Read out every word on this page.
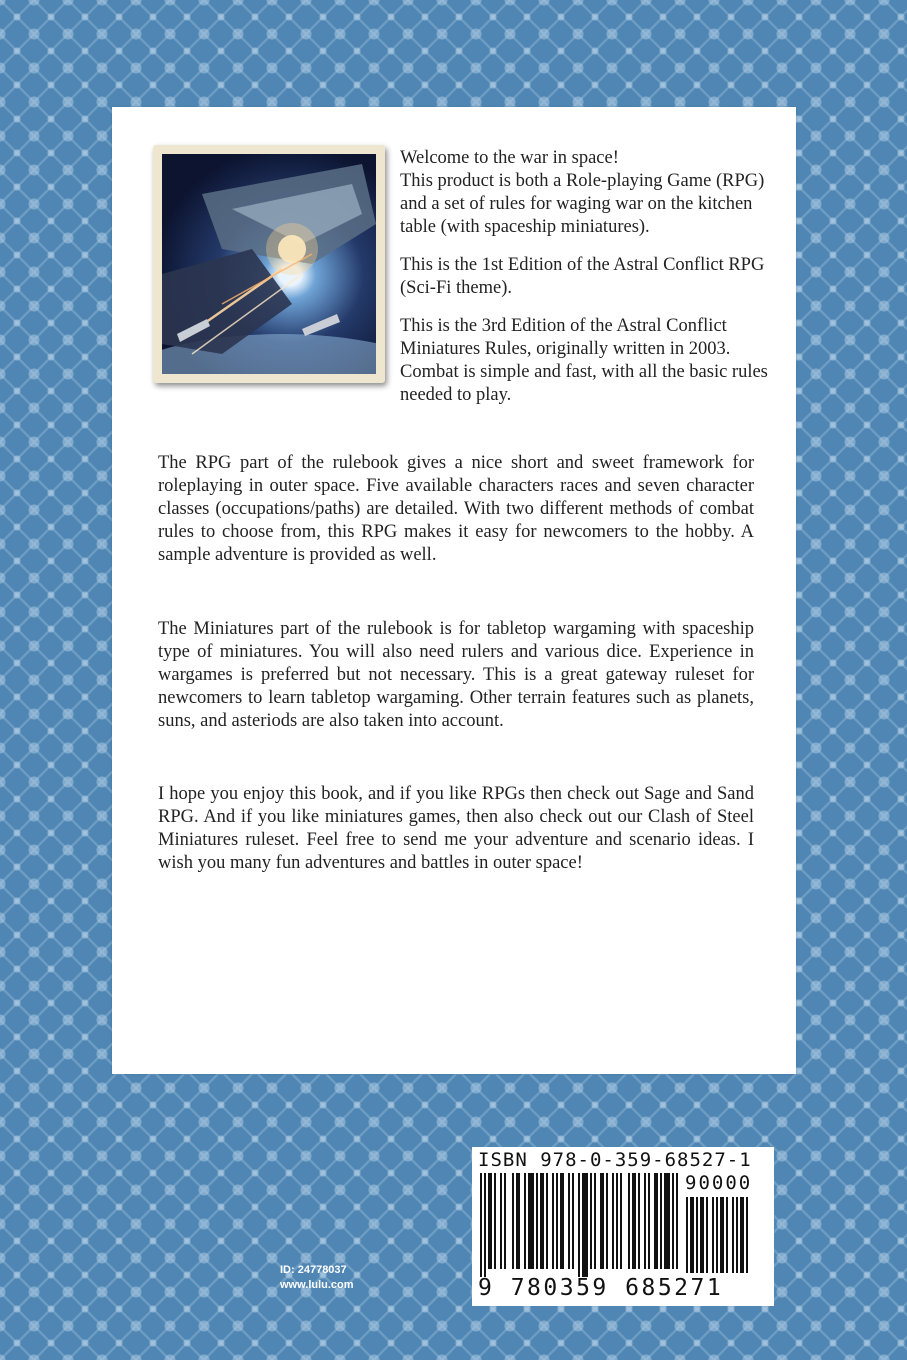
Welcome to the war in space!
This product is both a Role-playing Game (RPG) and a set of rules for waging war on the kitchen table (with spaceship miniatures).

This is the 1st Edition of the Astral Conflict RPG (Sci-Fi theme).

This is the 3rd Edition of the Astral Conflict Miniatures Rules, originally written in 2003. Combat is simple and fast, with all the basic rules needed to play.

The RPG part of the rulebook gives a nice short and sweet framework for roleplaying in outer space. Five available characters races and seven character classes (occupations/paths) are detailed. With two different methods of combat rules to choose from, this RPG makes it easy for newcomers to the hobby. A sample adventure is provided as well.

The Miniatures part of the rulebook is for tabletop wargaming with spaceship type of miniatures. You will also need rulers and various dice. Experience in wargames is preferred but not necessary. This is a great gateway ruleset for newcomers to learn tabletop wargaming. Other terrain features such as planets, suns, and asteriods are also taken into account.

I hope you enjoy this book, and if you like RPGs then check out Sage and Sand RPG. And if you like miniatures games, then also check out our Clash of Steel Miniatures ruleset. Feel free to send me your adventure and scenario ideas. I wish you many fun adventures and battles in outer space!

ISBN 978-0-359-68527-1
90000
9 780359 685271
ID: 24778037
www.lulu.com
